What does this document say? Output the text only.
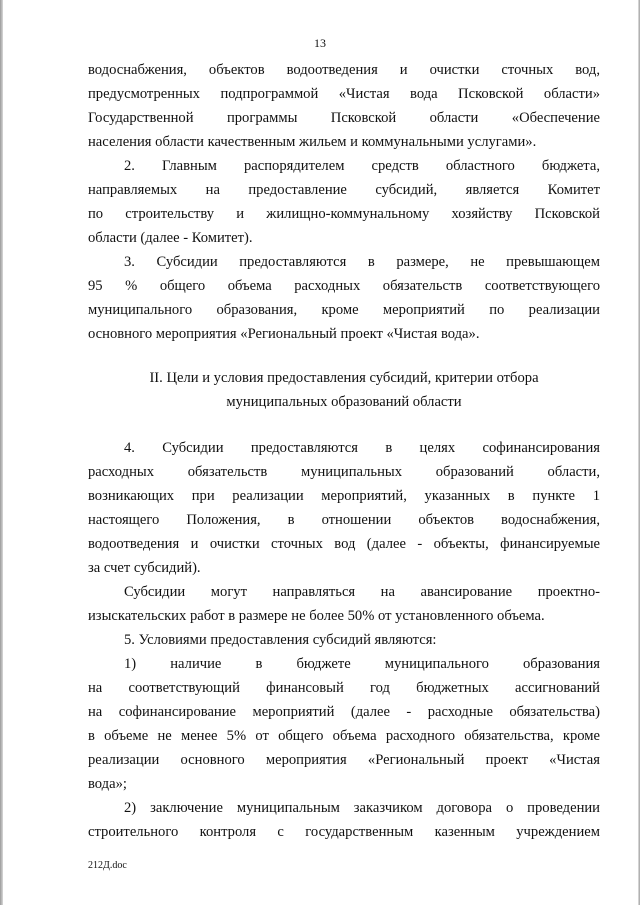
13
водоснабжения, объектов водоотведения и очистки сточных вод,
предусмотренных подпрограммой «Чистая вода Псковской области»
Государственной программы Псковской области «Обеспечение
населения области качественным жильем и коммунальными услугами».
2. Главным распорядителем средств областного бюджета,
направляемых на предоставление субсидий, является Комитет
по строительству и жилищно-коммунальному хозяйству Псковской
области (далее - Комитет).
3. Субсидии предоставляются в размере, не превышающем
95 % общего объема расходных обязательств соответствующего
муниципального образования, кроме мероприятий по реализации
основного мероприятия «Региональный проект «Чистая вода».
II. Цели и условия предоставления субсидий, критерии отбора
муниципальных образований области
4. Субсидии предоставляются в целях софинансирования
расходных обязательств муниципальных образований области,
возникающих при реализации мероприятий, указанных в пункте 1
настоящего Положения, в отношении объектов водоснабжения,
водоотведения и очистки сточных вод (далее - объекты, финансируемые
за счет субсидий).
Субсидии могут направляться на авансирование проектно-
изыскательских работ в размере не более 50% от установленного объема.
5. Условиями предоставления субсидий являются:
1) наличие в бюджете муниципального образования
на соответствующий финансовый год бюджетных ассигнований
на софинансирование мероприятий (далее - расходные обязательства)
в объеме не менее 5% от общего объема расходного обязательства, кроме
реализации основного мероприятия «Региональный проект «Чистая
вода»;
2) заключение муниципальным заказчиком договора о проведении
строительного контроля с государственным казенным учреждением
212Д.doc
